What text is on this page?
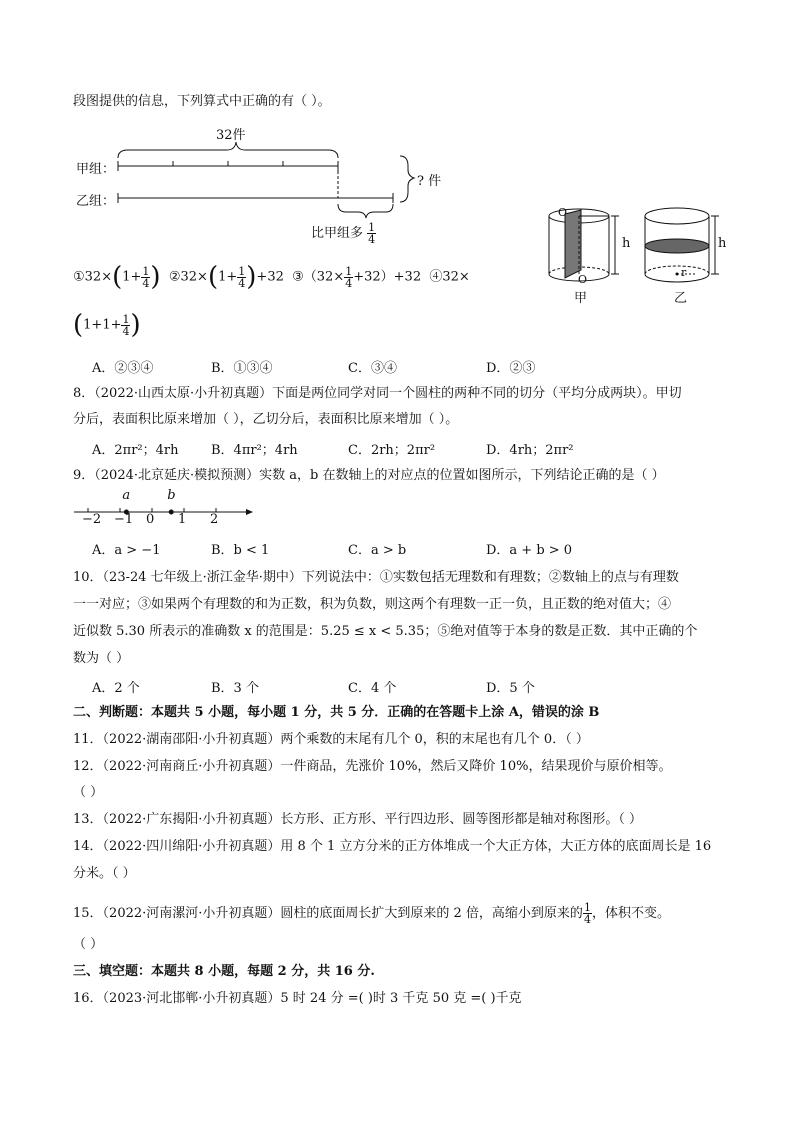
段图提供的信息，下列算式中正确的有（ ）。
32件
甲组：
乙组：
? 件
比甲组多 $\frac{1}{4}$
O
O
h	h
r
甲	乙
①32×(1+ $\frac{1}{4}$ ) ②32×(1+ $\frac{1}{4} )+32$ ③（32× $\frac{1}{4} +32)+32$ ④32×
($1+1+ \frac{1}{4}$ )
A．②③④	B．①③④	C．③④	D．②③
8．（2022·山西太原·小升初真题）下面是两位同学对同一个圆柱的两种不同的切分（平均分成两块）。甲切
分后，表面积比原来增加（ ），乙切分后，表面积比原来增加（ ）。
A．2πr²；4rh	B．4πr²；4rh	C．2rh；2πr²	D．4rh；2πr²
9．（2024·北京延庆·模拟预测）实数 a，b 在数轴上的对应点的位置如图所示，下列结论正确的是（ ）
−2 −1 0 1 2
a	b
A．a > −1	B．b < 1	C．a > b	D．a + b > 0
10．（23-24 七年级上·浙江金华·期中）下列说法中：①实数包括无理数和有理数；②数轴上的点与有理数
一一对应；③如果两个有理数的和为正数，积为负数，则这两个有理数一正一负，且正数的绝对值大；④
近似数 5.30 所表示的准确数 x 的范围是：5.25 ≤ x < 5.35；⑤绝对值等于本身的数是正数．其中正确的个
数为（ ）
A．2 个	B．3 个	C．4 个	D．5 个
二、判断题：本题共 5 小题，每小题 1 分，共 5 分．正确的在答题卡上涂 A，错误的涂 B
11．（2022·湖南邵阳·小升初真题）两个乘数的末尾有几个 0，积的末尾也有几个 0．（ ）
12．（2022·河南商丘·小升初真题）一件商品，先涨价 10%，然后又降价 10%，结果现价与原价相等。
（ ）
13．（2022·广东揭阳·小升初真题）长方形、正方形、平行四边形、圆等图形都是轴对称图形。（ ）
14．（2022·四川绵阳·小升初真题）用 8 个 1 立方分米的正方体堆成一个大正方体，大正方体的底面周长是 16
分米。（ ）
15．（2022·河南漯河·小升初真题）圆柱的底面周长扩大到原来的 2 倍，高缩小到原来的 $\frac{1}{4}$ ，体积不变。
（ ）
三、填空题：本题共 8 小题，每题 2 分，共 16 分.
16．（2023·河北邯郸·小升初真题）5 时 24 分 =( )时 3 千克 50 克 =( )千克
